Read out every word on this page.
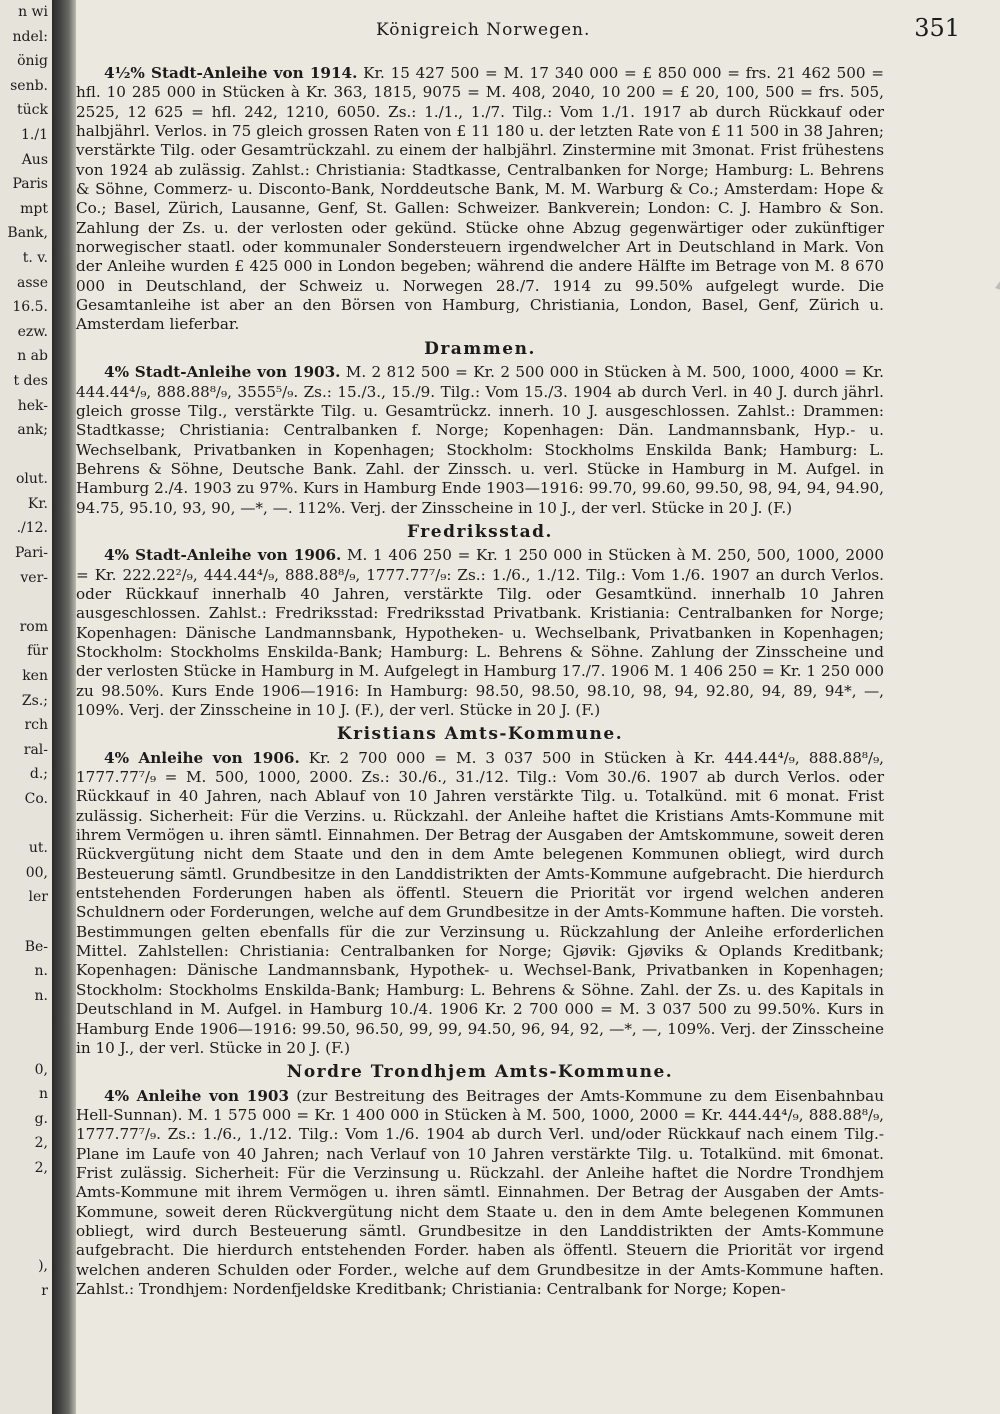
n wi
ndel:
önig
senb.
tück
1./1
Aus
Paris
mpt
Bank,
t. v.
asse
16.5.
ezw.
n ab
t des
hek-
ank;
olut.
Kr.
./12.
Pari-
ver-
rom
für
ken
Zs.;
rch
ral-
d.;
Co.
ut.
00,
ler
Be-
n.
n.
0,
n
g.
2,
2,
),
r
Königreich Norwegen.	351

4½% Stadt-Anleihe von 1914. Kr. 15 427 500 = M. 17 340 000 = £ 850 000 = frs. 21 462 500 = hfl. 10 285 000 in Stücken à Kr. 363, 1815, 9075 = M. 408, 2040, 10 200 = £ 20, 100, 500 = frs. 505, 2525, 12 625 = hfl. 242, 1210, 6050. Zs.: 1./1., 1./7. Tilg.: Vom 1./1. 1917 ab durch Rückkauf oder halbjährl. Verlos. in 75 gleich grossen Raten von £ 11 180 u. der letzten Rate von £ 11 500 in 38 Jahren; verstärkte Tilg. oder Gesamtrückzahl. zu einem der halbjährl. Zinstermine mit 3monat. Frist frühestens von 1924 ab zulässig. Zahlst.: Christiania: Stadtkasse, Centralbanken for Norge; Hamburg: L. Behrens & Söhne, Commerz- u. Disconto-Bank, Norddeutsche Bank, M. M. Warburg & Co.; Amsterdam: Hope & Co.; Basel, Zürich, Lausanne, Genf, St. Gallen: Schweizer. Bankverein; London: C. J. Hambro & Son. Zahlung der Zs. u. der verlosten oder gekünd. Stücke ohne Abzug gegenwärtiger oder zukünftiger norwegischer staatl. oder kommunaler Sondersteuern irgendwelcher Art in Deutschland in Mark. Von der Anleihe wurden £ 425 000 in London begeben; während die andere Hälfte im Betrage von M. 8 670 000 in Deutschland, der Schweiz u. Norwegen 28./7. 1914 zu 99.50% aufgelegt wurde. Die Gesamtanleihe ist aber an den Börsen von Hamburg, Christiania, London, Basel, Genf, Zürich u. Amsterdam lieferbar.

Drammen.

4% Stadt-Anleihe von 1903. M. 2 812 500 = Kr. 2 500 000 in Stücken à M. 500, 1000, 4000 = Kr. 444.44⁴/₉, 888.88⁸/₉, 3555⁵/₉. Zs.: 15./3., 15./9. Tilg.: Vom 15./3. 1904 ab durch Verl. in 40 J. durch jährl. gleich grosse Tilg., verstärkte Tilg. u. Gesamtrückz. innerh. 10 J. ausgeschlossen. Zahlst.: Drammen: Stadtkasse; Christiania: Centralbanken f. Norge; Kopenhagen: Dän. Landmannsbank, Hyp.- u. Wechselbank, Privatbanken in Kopenhagen; Stockholm: Stockholms Enskilda Bank; Hamburg: L. Behrens & Söhne, Deutsche Bank. Zahl. der Zinssch. u. verl. Stücke in Hamburg in M. Aufgel. in Hamburg 2./4. 1903 zu 97%. Kurs in Hamburg Ende 1903—1916: 99.70, 99.60, 99.50, 98, 94, 94, 94.90, 94.75, 95.10, 93, 90, —*, —. 112%. Verj. der Zinsscheine in 10 J., der verl. Stücke in 20 J. (F.)

Fredriksstad.

4% Stadt-Anleihe von 1906. M. 1 406 250 = Kr. 1 250 000 in Stücken à M. 250, 500, 1000, 2000 = Kr. 222.22²/₉, 444.44⁴/₉, 888.88⁸/₉, 1777.77⁷/₉: Zs.: 1./6., 1./12. Tilg.: Vom 1./6. 1907 an durch Verlos. oder Rückkauf innerhalb 40 Jahren, verstärkte Tilg. oder Gesamtkünd. innerhalb 10 Jahren ausgeschlossen. Zahlst.: Fredriksstad: Fredriksstad Privatbank. Kristiania: Centralbanken for Norge; Kopenhagen: Dänische Landmannsbank, Hypotheken- u. Wechselbank, Privatbanken in Kopenhagen; Stockholm: Stockholms Enskilda-Bank; Hamburg: L. Behrens & Söhne. Zahlung der Zinsscheine und der verlosten Stücke in Hamburg in M. Aufgelegt in Hamburg 17./7. 1906 M. 1 406 250 = Kr. 1 250 000 zu 98.50%. Kurs Ende 1906—1916: In Hamburg: 98.50, 98.50, 98.10, 98, 94, 92.80, 94, 89, 94*, —, 109%. Verj. der Zinsscheine in 10 J. (F.), der verl. Stücke in 20 J. (F.)

Kristians Amts-Kommune.

4% Anleihe von 1906. Kr. 2 700 000 = M. 3 037 500 in Stücken à Kr. 444.44⁴/₉, 888.88⁸/₉, 1777.77⁷/₉ = M. 500, 1000, 2000. Zs.: 30./6., 31./12. Tilg.: Vom 30./6. 1907 ab durch Verlos. oder Rückkauf in 40 Jahren, nach Ablauf von 10 Jahren verstärkte Tilg. u. Totalkünd. mit 6 monat. Frist zulässig. Sicherheit: Für die Verzins. u. Rückzahl. der Anleihe haftet die Kristians Amts-Kommune mit ihrem Vermögen u. ihren sämtl. Einnahmen. Der Betrag der Ausgaben der Amtskommune, soweit deren Rückvergütung nicht dem Staate und den in dem Amte belegenen Kommunen obliegt, wird durch Besteuerung sämtl. Grundbesitze in den Landdistrikten der Amts-Kommune aufgebracht. Die hierdurch entstehenden Forderungen haben als öffentl. Steuern die Priorität vor irgend welchen anderen Schuldnern oder Forderungen, welche auf dem Grundbesitze in der Amts-Kommune haften. Die vorsteh. Bestimmungen gelten ebenfalls für die zur Verzinsung u. Rückzahlung der Anleihe erforderlichen Mittel. Zahlstellen: Christiania: Centralbanken for Norge; Gjøvik: Gjøviks & Oplands Kreditbank; Kopenhagen: Dänische Landmannsbank, Hypothek- u. Wechsel-Bank, Privatbanken in Kopenhagen; Stockholm: Stockholms Enskilda-Bank; Hamburg: L. Behrens & Söhne. Zahl. der Zs. u. des Kapitals in Deutschland in M. Aufgel. in Hamburg 10./4. 1906 Kr. 2 700 000 = M. 3 037 500 zu 99.50%. Kurs in Hamburg Ende 1906—1916: 99.50, 96.50, 99, 99, 94.50, 96, 94, 92, —*, —, 109%. Verj. der Zinsscheine in 10 J., der verl. Stücke in 20 J. (F.)

Nordre Trondhjem Amts-Kommune.

4% Anleihe von 1903 (zur Bestreitung des Beitrages der Amts-Kommune zu dem Eisenbahnbau Hell-Sunnan). M. 1 575 000 = Kr. 1 400 000 in Stücken à M. 500, 1000, 2000 = Kr. 444.44⁴/₉, 888.88⁸/₉, 1777.77⁷/₉. Zs.: 1./6., 1./12. Tilg.: Vom 1./6. 1904 ab durch Verl. und/oder Rückkauf nach einem Tilg.-Plane im Laufe von 40 Jahren; nach Verlauf von 10 Jahren verstärkte Tilg. u. Totalkünd. mit 6monat. Frist zulässig. Sicherheit: Für die Verzinsung u. Rückzahl. der Anleihe haftet die Nordre Trondhjem Amts-Kommune mit ihrem Vermögen u. ihren sämtl. Einnahmen. Der Betrag der Ausgaben der Amts-Kommune, soweit deren Rückvergütung nicht dem Staate u. den in dem Amte belegenen Kommunen obliegt, wird durch Besteuerung sämtl. Grundbesitze in den Landdistrikten der Amts-Kommune aufgebracht. Die hierdurch entstehenden Forder. haben als öffentl. Steuern die Priorität vor irgend welchen anderen Schulden oder Forder., welche auf dem Grundbesitze in der Amts-Kommune haften. Zahlst.: Trondhjem: Nordenfjeldske Kreditbank; Christiania: Centralbank for Norge; Kopen-
